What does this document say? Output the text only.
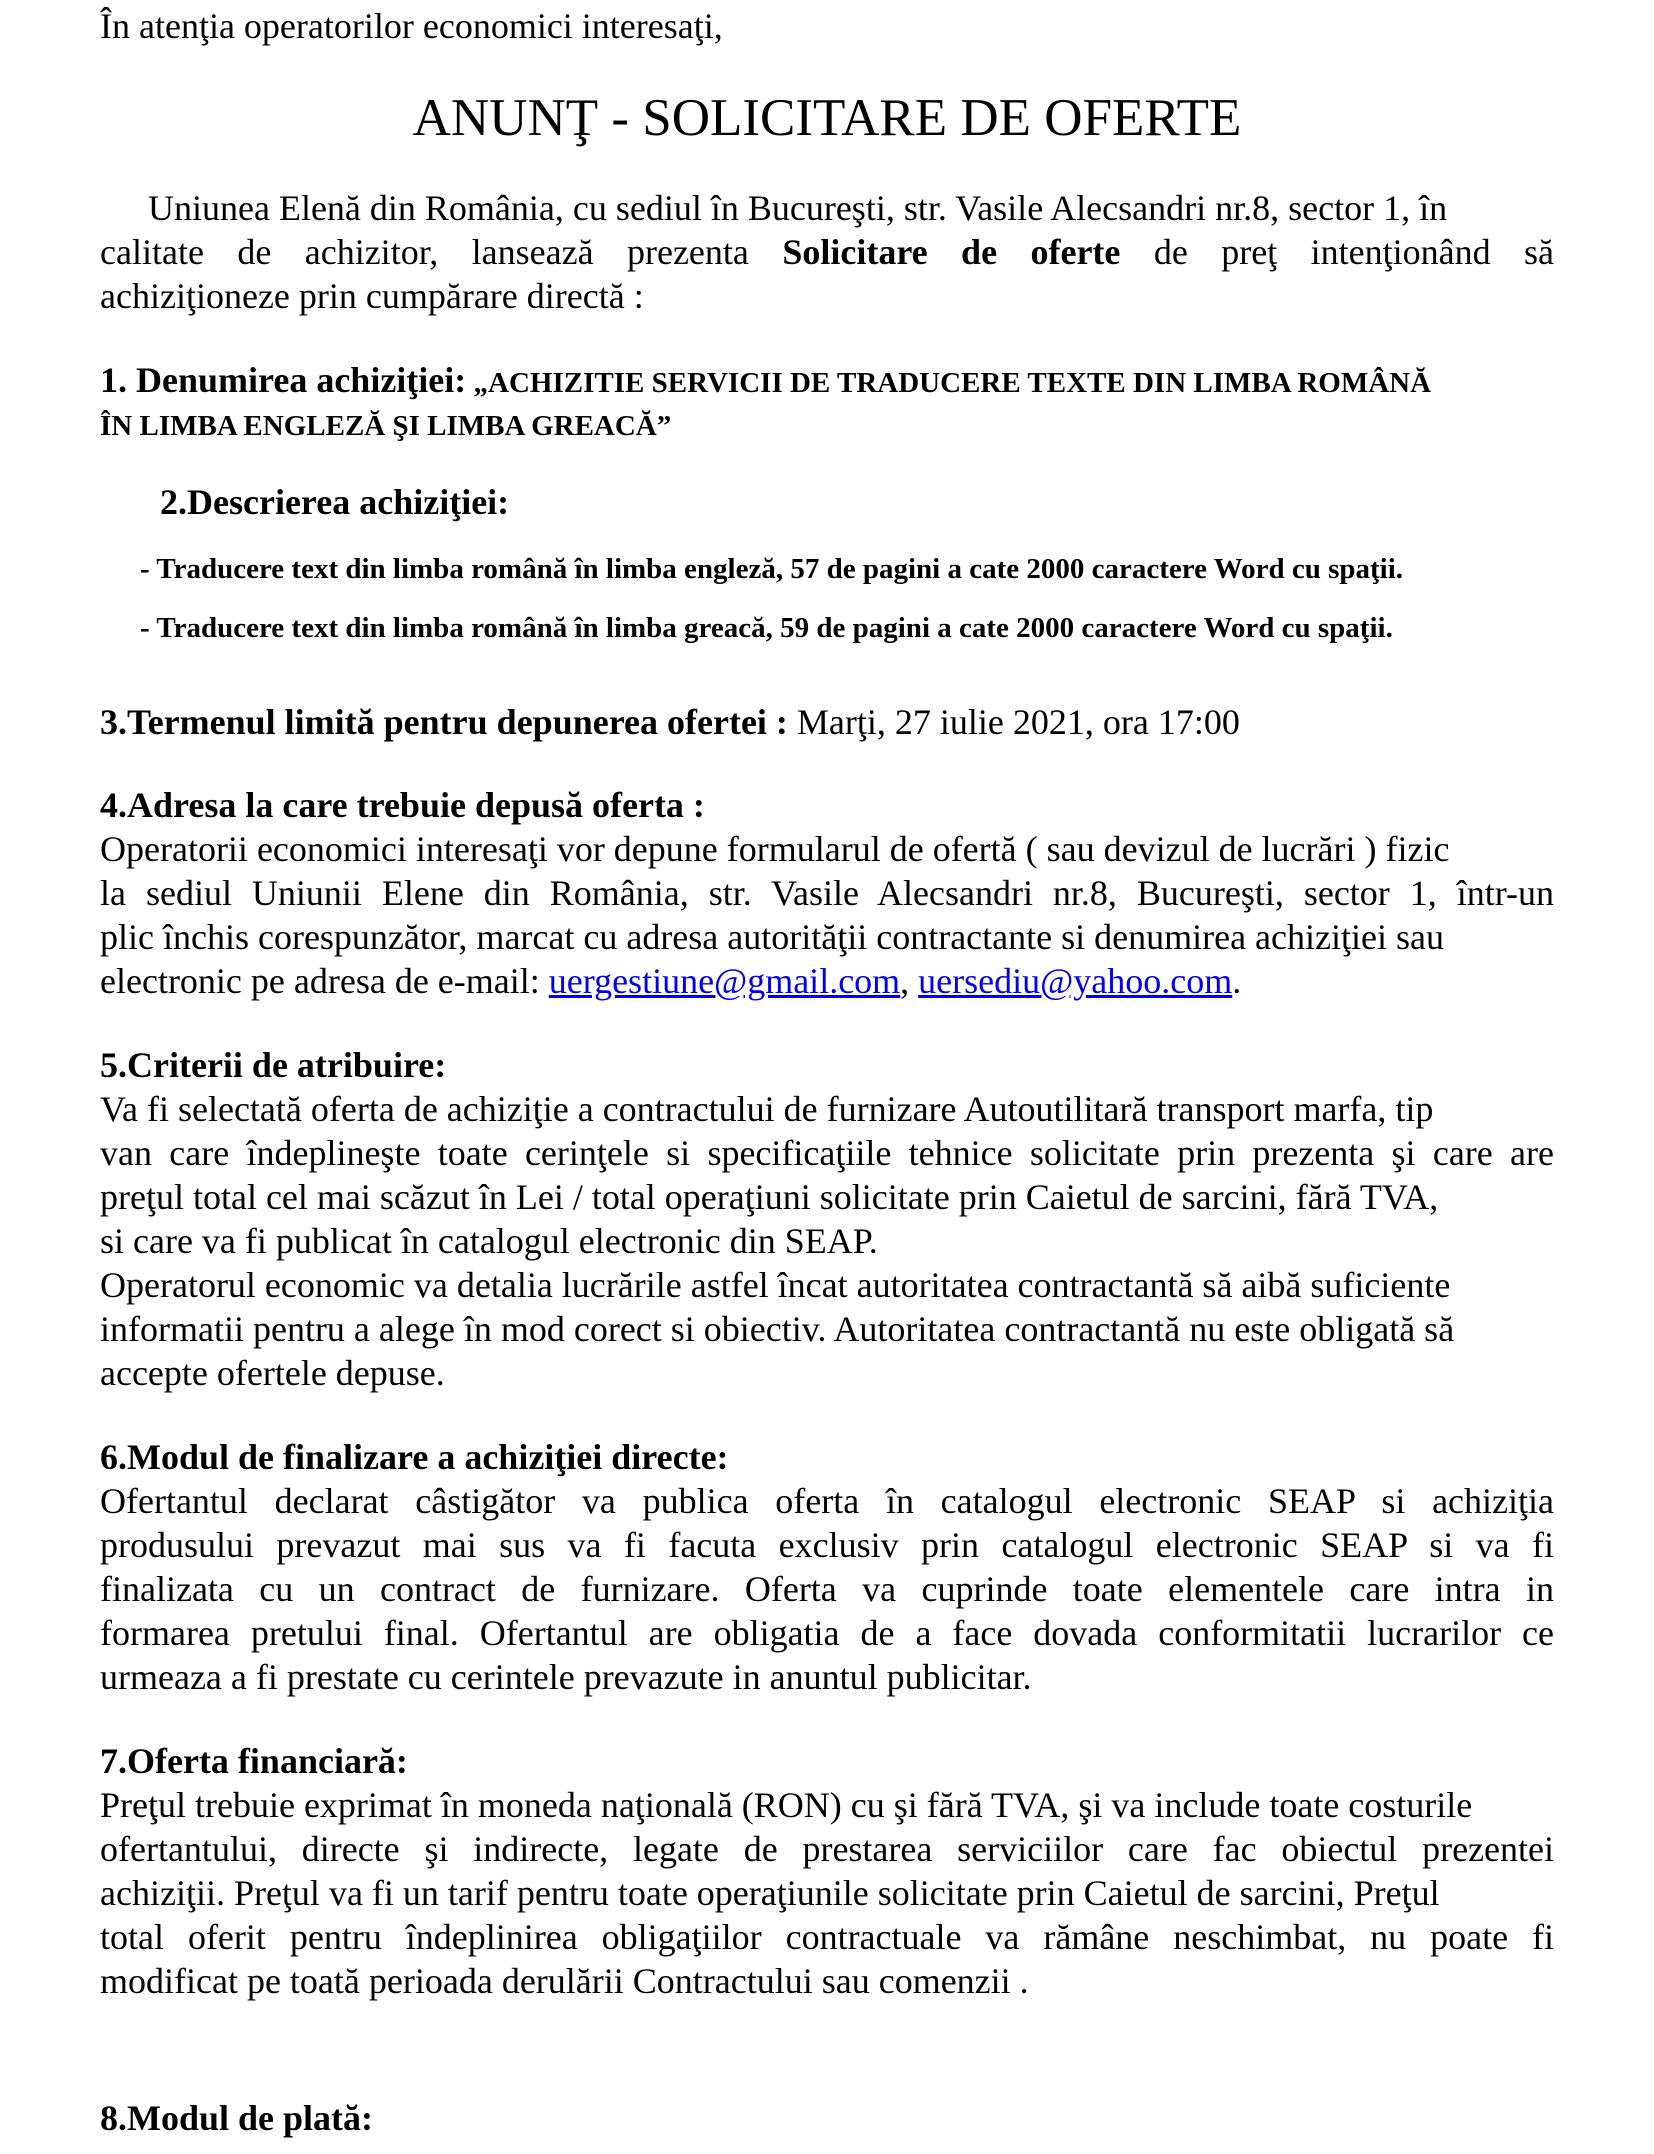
În atenţia operatorilor economici interesaţi,
ANUNŢ - SOLICITARE DE OFERTE
Uniunea Elenă din România, cu sediul în Bucureşti, str. Vasile Alecsandri nr.8, sector 1, în
calitate de achizitor, lansează prezenta Solicitare de oferte de preţ intenţionând să
achiziţioneze prin cumpărare directă :
1. Denumirea achiziţiei: „ACHIZITIE SERVICII DE TRADUCERE TEXTE DIN LIMBA ROMÂNĂ
ÎN LIMBA ENGLEZĂ ŞI LIMBA GREACĂ”
2.Descrierea achiziţiei:
- Traducere text din limba română în limba engleză, 57 de pagini a cate 2000 caractere Word cu spaţii.
- Traducere text din limba română în limba greacă, 59 de pagini a cate 2000 caractere Word cu spaţii.
3.Termenul limită pentru depunerea ofertei : Marţi, 27 iulie 2021, ora 17:00
4.Adresa la care trebuie depusă oferta :
Operatorii economici interesaţi vor depune formularul de ofertă ( sau devizul de lucrări ) fizic
la sediul Uniunii Elene din România, str. Vasile Alecsandri nr.8, Bucureşti, sector 1, într-un
plic închis corespunzător, marcat cu adresa autorităţii contractante si denumirea achiziţiei sau
electronic pe adresa de e-mail: uergestiune@gmail.com, uersediu@yahoo.com.
5.Criterii de atribuire:
Va fi selectată oferta de achiziţie a contractului de furnizare Autoutilitară transport marfa, tip
van care îndeplineşte toate cerinţele si specificaţiile tehnice solicitate prin prezenta şi care are
preţul total cel mai scăzut în Lei / total operaţiuni solicitate prin Caietul de sarcini, fără TVA,
si care va fi publicat în catalogul electronic din SEAP.
Operatorul economic va detalia lucrările astfel încat autoritatea contractantă să aibă suficiente
informatii pentru a alege în mod corect si obiectiv. Autoritatea contractantă nu este obligată să
accepte ofertele depuse.
6.Modul de finalizare a achiziţiei directe:
Ofertantul declarat câstigător va publica oferta în catalogul electronic SEAP si achiziţia
produsului prevazut mai sus va fi facuta exclusiv prin catalogul electronic SEAP si va fi
finalizata cu un contract de furnizare. Oferta va cuprinde toate elementele care intra in
formarea pretului final. Ofertantul are obligatia de a face dovada conformitatii lucrarilor ce
urmeaza a fi prestate cu cerintele prevazute in anuntul publicitar.
7.Oferta financiară:
Preţul trebuie exprimat în moneda naţională (RON) cu şi fără TVA, şi va include toate costurile
ofertantului, directe şi indirecte, legate de prestarea serviciilor care fac obiectul prezentei
achiziţii. Preţul va fi un tarif pentru toate operaţiunile solicitate prin Caietul de sarcini, Preţul
total oferit pentru îndeplinirea obligaţiilor contractuale va rămâne neschimbat, nu poate fi
modificat pe toată perioada derulării Contractului sau comenzii .
8.Modul de plată:
